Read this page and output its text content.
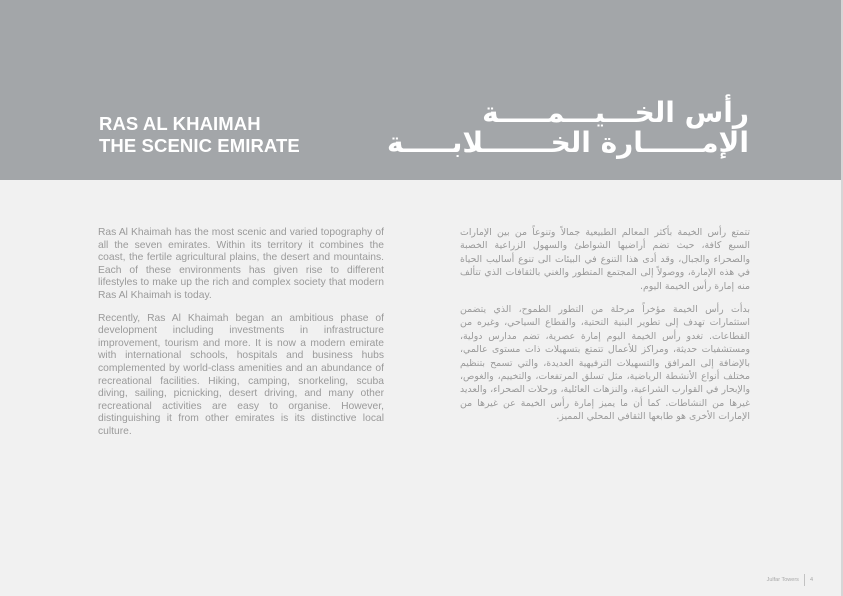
RAS AL KHAIMAH
THE SCENIC EMIRATE
رأس الخـــيـــمـــــة
الإمــــــارة الخـــــــلابـــــة

Ras Al Khaimah has the most scenic and varied topography of all the seven emirates. Within its territory it combines the coast, the fertile agricultural plains, the desert and mountains. Each of these environments has given rise to different lifestyles to make up the rich and complex society that modern Ras Al Khaimah is today.

Recently, Ras Al Khaimah began an ambitious phase of development including investments in infrastructure improvement, tourism and more. It is now a modern emirate with international schools, hospitals and business hubs complemented by world-class amenities and an abundance of recreational facilities. Hiking, camping, snorkeling, scuba diving, sailing, picnicking, desert driving, and many other recreational activities are easy to organise. However, distinguishing it from other emirates is its distinctive local culture.

تتمتع رأس الخيمة بأكثر المعالم الطبيعية جمالاً وتنوعاً من بين الإمارات السبع كافة، حيث تضم أراضيها الشواطئ والسهول الزراعية الخصبة والصحراء والجبال، وقد أدى هذا التنوع في البيئات الى تنوع أساليب الحياة في هذه الإمارة، ووصولاً إلى المجتمع المتطور والغني بالثقافات الذي تتألف منه إمارة رأس الخيمة اليوم.

بدأت رأس الخيمة مؤخراً مرحلة من التطور الطموح، الذي يتضمن استثمارات تهدف إلى تطوير البنية التحتية، والقطاع السياحي، وغيره من القطاعات. تغدو رأس الخيمة اليوم إمارة عصرية، تضم مدارس دولية، ومستشفيات حديثة، ومراكز للأعمال تتمتع بتسهيلات ذات مستوى عالمي، بالإضافة إلى المرافق والتسهيلات الترفيهية العديدة، والتي تسمح بتنظيم مختلف أنواع الأنشطة الرياضية، مثل تسلق المرتفعات، والتخييم، والغوص، والإبحار في القوارب الشراعية، والنزهات العائلية، ورحلات الصحراء، والعديد غيرها من النشاطات. كما أن ما يميز إمارة رأس الخيمة عن غيرها من الإمارات الأخرى هو طابعها الثقافي المحلي المميز.

Julfar Towers 4
